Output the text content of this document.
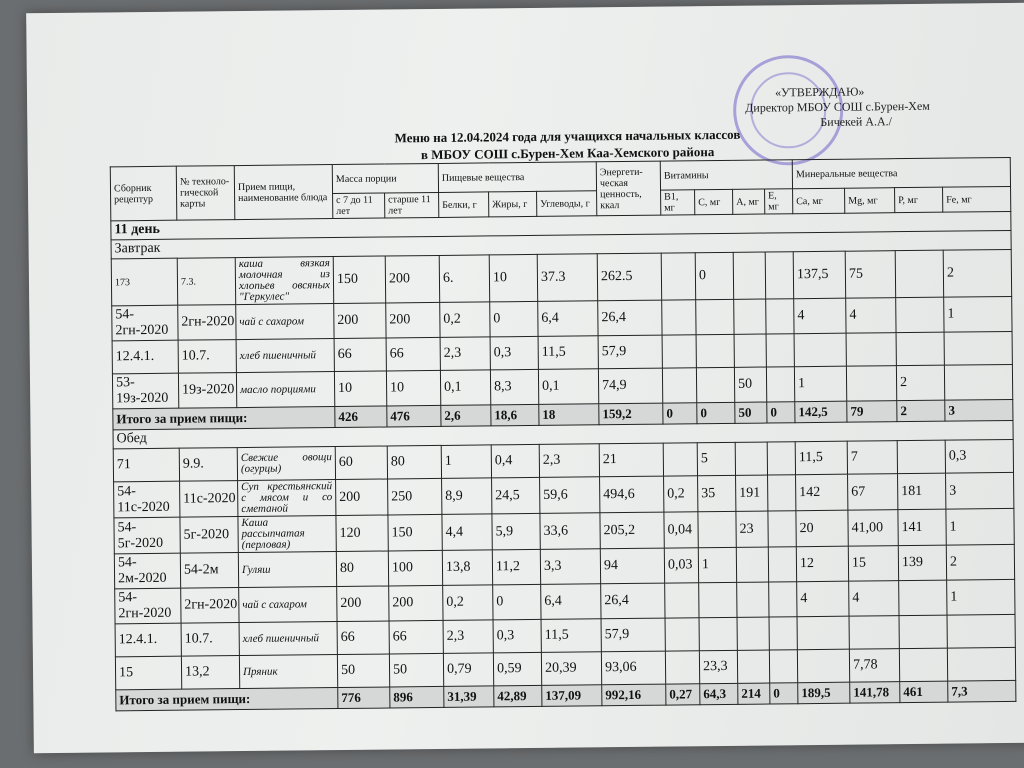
«УТВЕРЖДАЮ»
Директор МБОУ СОШ с.Бурен-Хем
Бичекей А.А./
Меню на 12.04.2024 года для учащихся начальных классов
в МБОУ СОШ с.Бурен-Хем Каа-Хемского района
Сборник рецептур	№ техноло-гической карты	Прием пищи, наименование блюда	Масса порции		Пищевые вещества			Энергети-ческая ценность, ккал	Витамины				Минеральные вещества			
			с 7 до 11 лет	старше 11 лет	Белки, г	Жиры, г	Углеводы, г		В1, мг	С, мг	А, мг	Е, мг	Са, мг	Mg, мг	Р, мг	Fe, мг
11 день																
Завтрак																
173	7.3.	каша вязкая молочная из хлопьев овсяных "Геркулес"	150	200	6.	10	37.3	262.5		0			137,5	75		2
54-2гн-2020	2гн-2020	чай с сахаром	200	200	0,2	0	6,4	26,4					4	4		1
12.4.1.	10.7.	хлеб пшеничный	66	66	2,3	0,3	11,5	57,9								
53-19з-2020	19з-2020	масло порциями	10	10	0,1	8,3	0,1	74,9			50		1		2	
Итого за прием пищи:			426	476	2,6	18,6	18	159,2	0	0	50	0	142,5	79	2	3
Обед																
71	9.9.	Свежие овощи (огурцы)	60	80	1	0,4	2,3	21		5			11,5	7		0,3
54-11с-2020	11с-2020	Суп крестьянский с мясом и со сметаной	200	250	8,9	24,5	59,6	494,6	0,2	35	191		142	67	181	3
54-5г-2020	5г-2020	Каша рассыпчатая (перловая)	120	150	4,4	5,9	33,6	205,2	0,04		23		20	41,00	141	1
54-2м-2020	54-2м	Гуляш	80	100	13,8	11,2	3,3	94	0,03	1			12	15	139	2
54-2гн-2020	2гн-2020	чай с сахаром	200	200	0,2	0	6,4	26,4					4	4		1
12.4.1.	10.7.	хлеб пшеничный	66	66	2,3	0,3	11,5	57,9								
15	13,2	Пряник	50	50	0,79	0,59	20,39	93,06		23,3				7,78		
Итого за прием пищи:			776	896	31,39	42,89	137,09	992,16	0,27	64,3	214	0	189,5	141,78	461	7,3
